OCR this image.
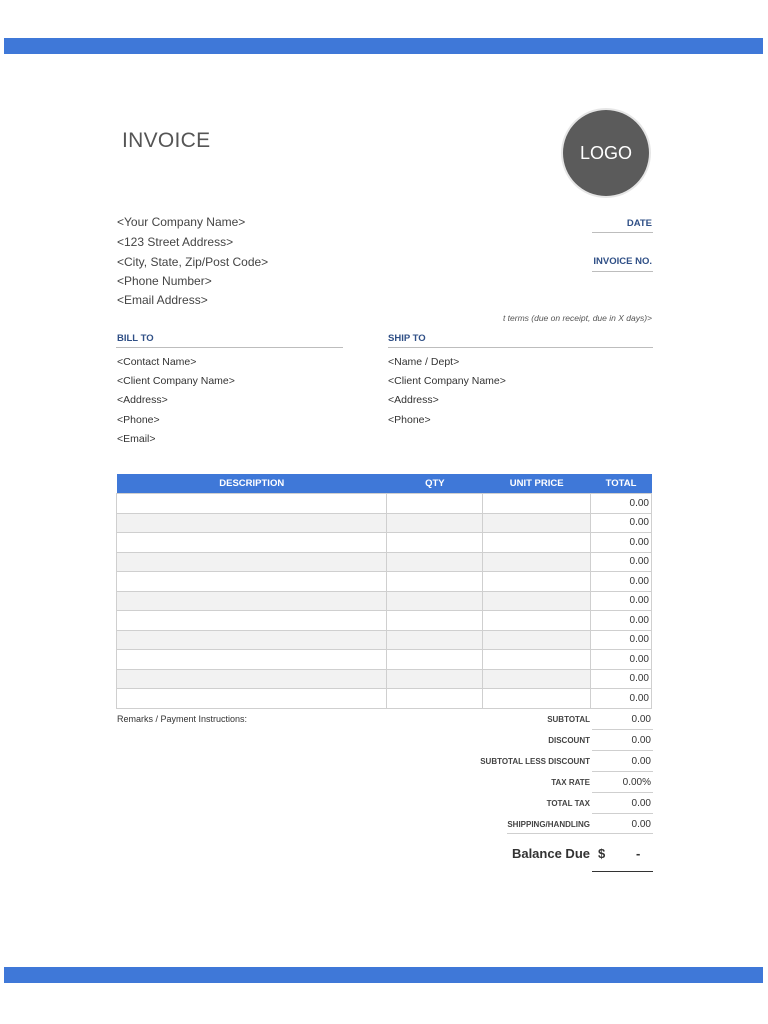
INVOICE
LOGO
<Your Company Name>
<123 Street Address>
<City, State, Zip/Post Code>
<Phone Number>
<Email Address>
DATE
INVOICE NO.
t terms (due on receipt, due in X days)>
BILL TO	SHIP TO
<Contact Name>
<Client Company Name>
<Address>
<Phone>
<Email>
<Name / Dept>
<Client Company Name>
<Address>
<Phone>
DESCRIPTION	QTY	UNIT PRICE	TOTAL
			0.00
			0.00
			0.00
			0.00
			0.00
			0.00
			0.00
			0.00
			0.00
			0.00
			0.00
Remarks / Payment Instructions:	SUBTOTAL	0.00
DISCOUNT	0.00
SUBTOTAL LESS DISCOUNT	0.00
TAX RATE	0.00%
TOTAL TAX	0.00
SHIPPING/HANDLING	0.00
Balance Due $ -
